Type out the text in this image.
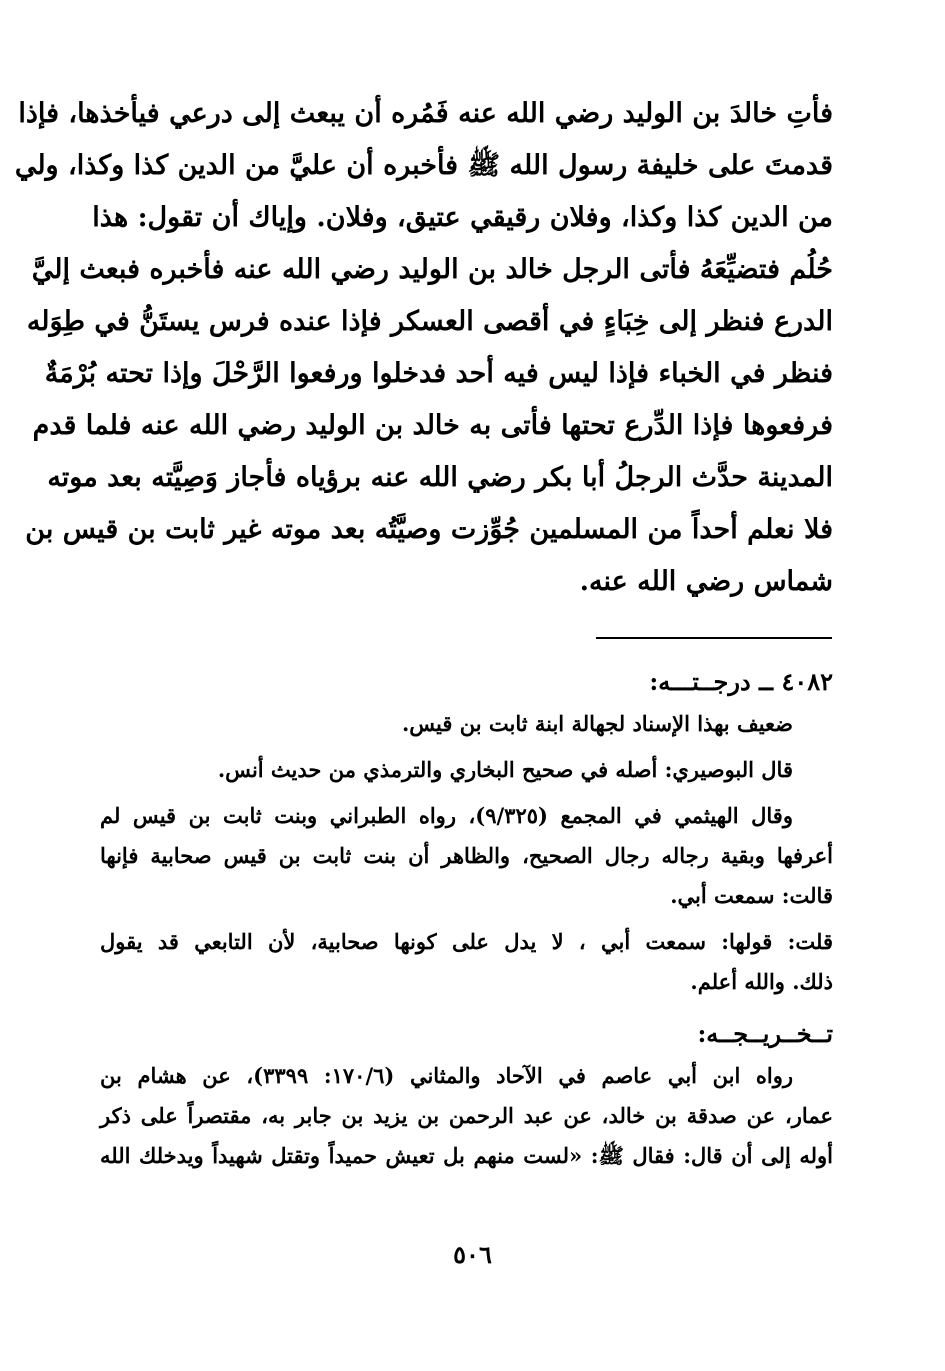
فأتِ خالدَ بن الوليد رضي الله عنه فَمُره أن يبعث إلى درعي فيأخذها، فإذا
قدمتَ على خليفة رسول الله ﷺ فأخبره أن عليَّ من الدين كذا وكذا، ولي
من الدين كذا وكذا، وفلان رقيقي عتيق، وفلان. وإياك أن تقول: هذا
حُلُم فتضيِّعَهُ فأتى الرجل خالد بن الوليد رضي الله عنه فأخبره فبعث إليَّ
الدرع فنظر إلى خِبَاءٍ في أقصى العسكر فإذا عنده فرس يستَنُّ في طِوَله
فنظر في الخباء فإذا ليس فيه أحد فدخلوا ورفعوا الرَّحْلَ وإذا تحته بُرْمَةٌ
فرفعوها فإذا الدِّرع تحتها فأتى به خالد بن الوليد رضي الله عنه فلما قدم
المدينة حدَّث الرجلُ أبا بكر رضي الله عنه برؤياه فأجاز وَصِيَّته بعد موته
فلا نعلم أحداً من المسلمين جُوِّزت وصيَّتُه بعد موته غير ثابت بن قيس بن
شماس رضي الله عنه.
٤٠٨٢ ــ درجــتـــه:
ضعيف بهذا الإسناد لجهالة ابنة ثابت بن قيس.
قال البوصيري: أصله في صحيح البخاري والترمذي من حديث أنس.
وقال الهيثمي في المجمع (٩/٣٢٥)، رواه الطبراني وبنت ثابت بن قيس لم
أعرفها وبقية رجاله رجال الصحيح، والظاهر أن بنت ثابت بن قيس صحابية فإنها
قالت: سمعت أبي.
قلت: قولها: سمعت أبي ، لا يدل على كونها صحابية، لأن التابعي قد يقول
ذلك. والله أعلم.
تــخــريــجــه:
رواه ابن أبي عاصم في الآحاد والمثاني (١٧٠/٦: ٣٣٩٩)، عن هشام بن
عمار، عن صدقة بن خالد، عن عبد الرحمن بن يزيد بن جابر به، مقتصراً على ذكر
أوله إلى أن قال: فقال ﷺ: «لست منهم بل تعيش حميداً وتقتل شهيداً ويدخلك الله
٥٠٦
